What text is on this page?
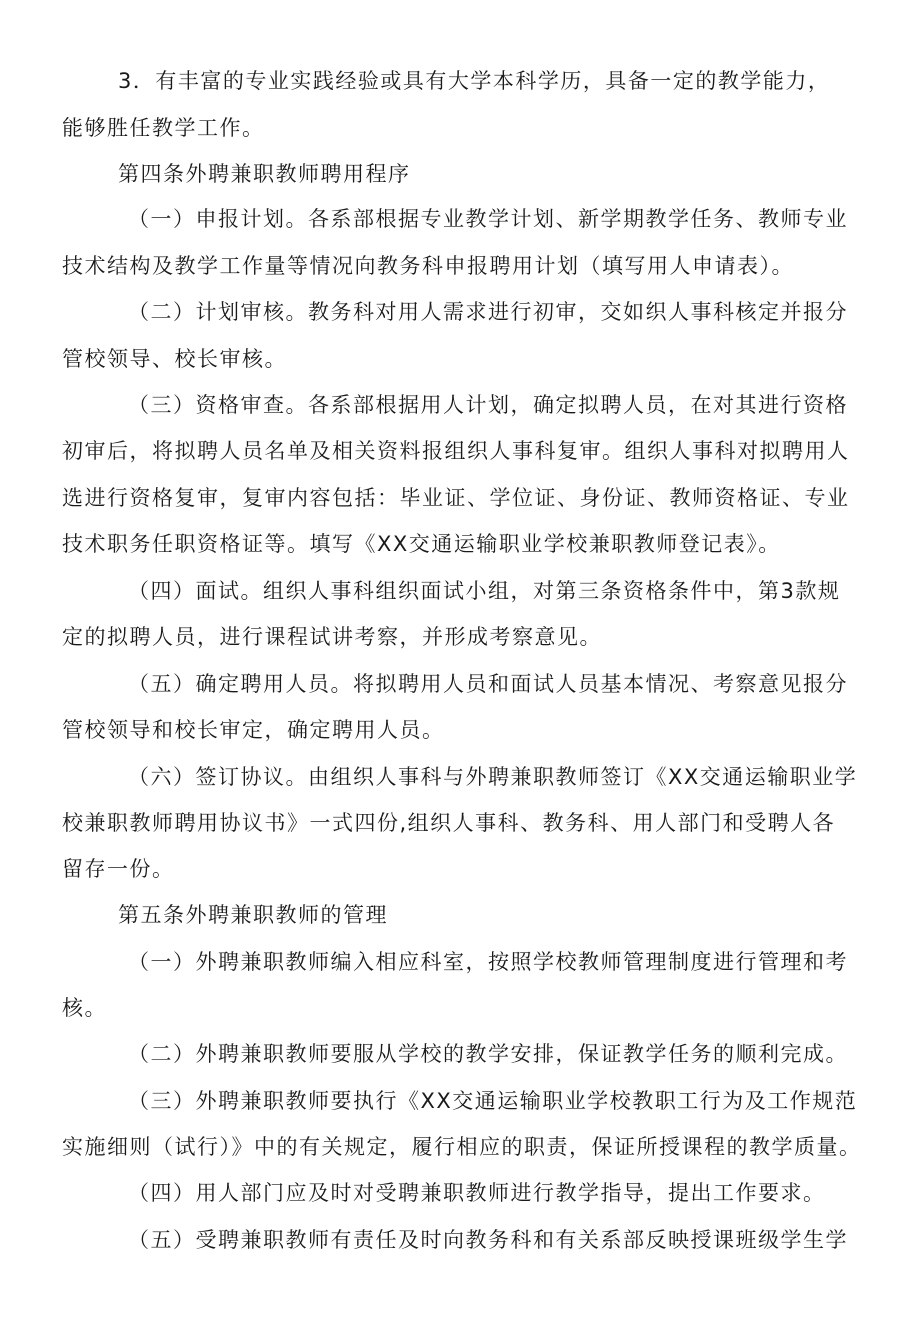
3．有丰富的专业实践经验或具有大学本科学历，具备一定的教学能力，
能够胜任教学工作。
第四条外聘兼职教师聘用程序
（一）申报计划。各系部根据专业教学计划、新学期教学任务、教师专业
技术结构及教学工作量等情况向教务科申报聘用计划（填写用人申请表）。
（二）计划审核。教务科对用人需求进行初审，交如织人事科核定并报分
管校领导、校长审核。
（三）资格审查。各系部根据用人计划，确定拟聘人员，在对其进行资格
初审后，将拟聘人员名单及相关资料报组织人事科复审。组织人事科对拟聘用人
选进行资格复审，复审内容包括：毕业证、学位证、身份证、教师资格证、专业
技术职务任职资格证等。填写《XX交通运输职业学校兼职教师登记表》。
（四）面试。组织人事科组织面试小组，对第三条资格条件中，第3款规
定的拟聘人员，进行课程试讲考察，并形成考察意见。
（五）确定聘用人员。将拟聘用人员和面试人员基本情况、考察意见报分
管校领导和校长审定，确定聘用人员。
（六）签订协议。由组织人事科与外聘兼职教师签订《XX交通运输职业学
校兼职教师聘用协议书》一式四份,组织人事科、教务科、用人部门和受聘人各
留存一份。
第五条外聘兼职教师的管理
（一）外聘兼职教师编入相应科室，按照学校教师管理制度进行管理和考
核。
（二）外聘兼职教师要服从学校的教学安排，保证教学任务的顺利完成。
（三）外聘兼职教师要执行《XX交通运输职业学校教职工行为及工作规范
实施细则（试行）》中的有关规定，履行相应的职责，保证所授课程的教学质量。
（四）用人部门应及时对受聘兼职教师进行教学指导，提出工作要求。
（五）受聘兼职教师有责任及时向教务科和有关系部反映授课班级学生学
